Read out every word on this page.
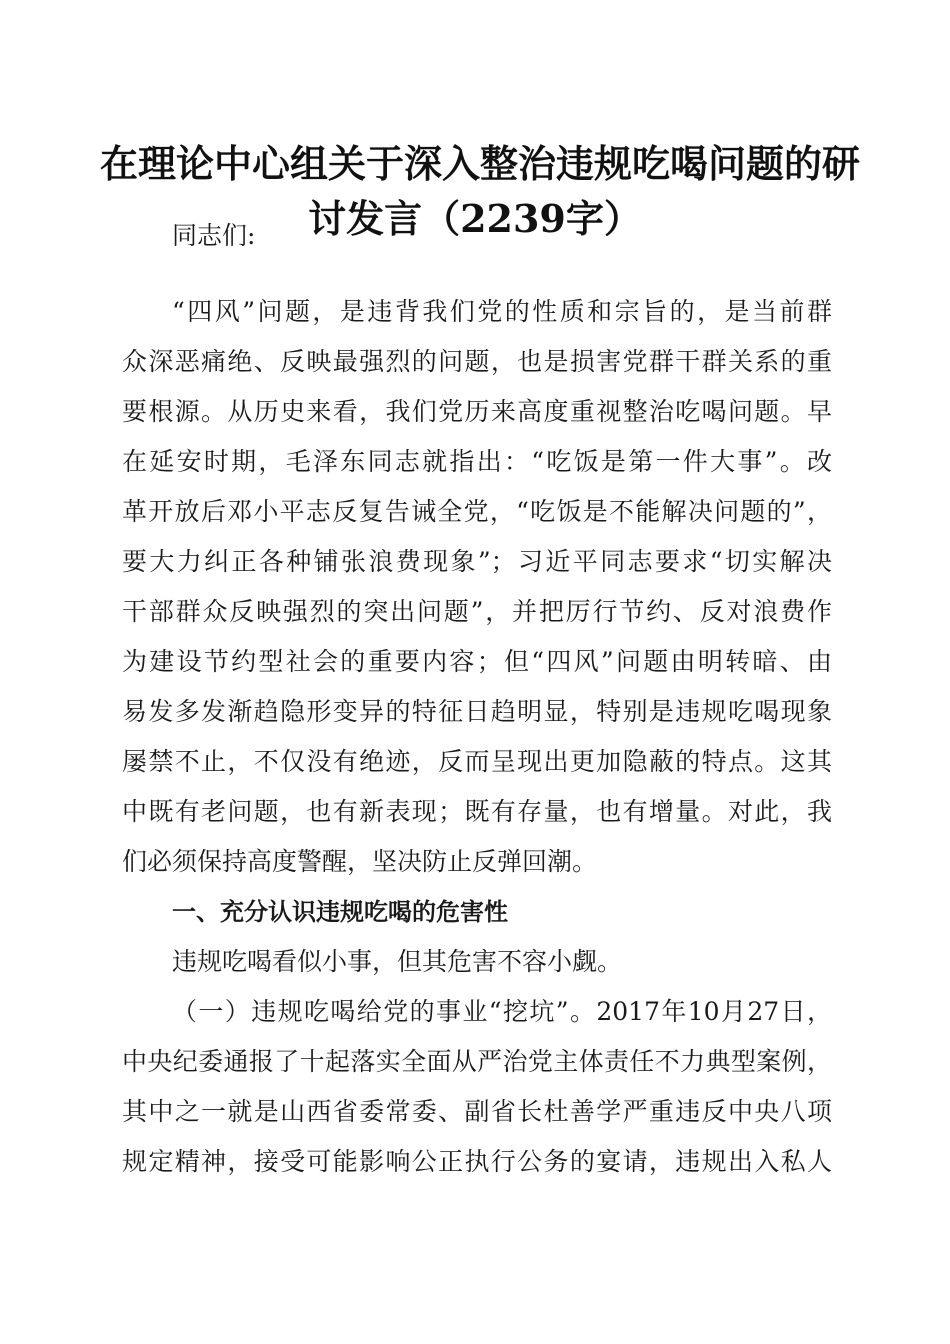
在理论中心组关于深入整治违规吃喝问题的研
讨发言（2239字）
同志们:
“四风”问题，是违背我们党的性质和宗旨的，是当前群
众深恶痛绝、反映最强烈的问题，也是损害党群干群关系的重
要根源。从历史来看，我们党历来高度重视整治吃喝问题。早
在延安时期，毛泽东同志就指出：“吃饭是第一件大事”。改
革开放后邓小平志反复告诫全党，“吃饭是不能解决问题的”，
要大力纠正各种铺张浪费现象”；习近平同志要求“切实解决
干部群众反映强烈的突出问题”，并把厉行节约、反对浪费作
为建设节约型社会的重要内容；但“四风”问题由明转暗、由
易发多发渐趋隐形变异的特征日趋明显，特别是违规吃喝现象
屡禁不止，不仅没有绝迹，反而呈现出更加隐蔽的特点。这其
中既有老问题，也有新表现；既有存量，也有增量。对此，我
们必须保持高度警醒，坚决防止反弹回潮。
一、充分认识违规吃喝的危害性
违规吃喝看似小事，但其危害不容小觑。
（一）违规吃喝给党的事业“挖坑”。2017年10月27日，
中央纪委通报了十起落实全面从严治党主体责任不力典型案例，
其中之一就是山西省委常委、副省长杜善学严重违反中央八项
规定精神，接受可能影响公正执行公务的宴请，违规出入私人
